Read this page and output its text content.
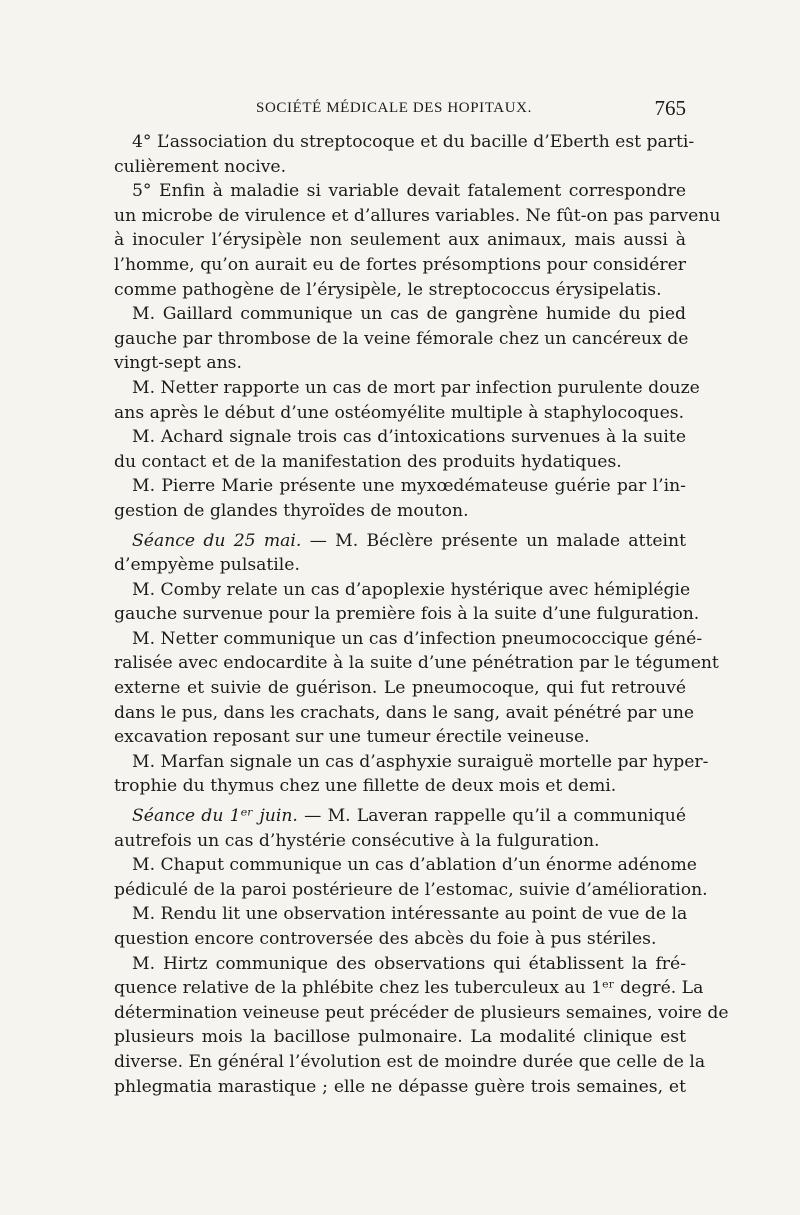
SOCIÉTÉ MÉDICALE DES HOPITAUX.	765
4° L’association du streptocoque et du bacille d’Eberth est parti-
culièrement nocive.
5° Enfin à maladie si variable devait fatalement correspondre
un microbe de virulence et d’allures variables. Ne fût-on pas parvenu
à inoculer l’érysipèle non seulement aux animaux, mais aussi à
l’homme, qu’on aurait eu de fortes présomptions pour considérer
comme pathogène de l’érysipèle, le streptococcus érysipelatis.
M. Gaillard communique un cas de gangrène humide du pied
gauche par thrombose de la veine fémorale chez un cancéreux de
vingt-sept ans.
M. Netter rapporte un cas de mort par infection purulente douze
ans après le début d’une ostéomyélite multiple à staphylocoques.
M. Achard signale trois cas d’intoxications survenues à la suite
du contact et de la manifestation des produits hydatiques.
M. Pierre Marie présente une myxœdémateuse guérie par l’in-
gestion de glandes thyroïdes de mouton.
Séance du 25 mai. — M. Béclère présente un malade atteint
d’empyème pulsatile.
M. Comby relate un cas d’apoplexie hystérique avec hémiplégie
gauche survenue pour la première fois à la suite d’une fulguration.
M. Netter communique un cas d’infection pneumococcique géné-
ralisée avec endocardite à la suite d’une pénétration par le tégument
externe et suivie de guérison. Le pneumocoque, qui fut retrouvé
dans le pus, dans les crachats, dans le sang, avait pénétré par une
excavation reposant sur une tumeur érectile veineuse.
M. Marfan signale un cas d’asphyxie suraiguë mortelle par hyper-
trophie du thymus chez une fillette de deux mois et demi.
Séance du 1ᵉʳ juin. — M. Laveran rappelle qu’il a communiqué
autrefois un cas d’hystérie consécutive à la fulguration.
M. Chaput communique un cas d’ablation d’un énorme adénome
pédiculé de la paroi postérieure de l’estomac, suivie d’amélioration.
M. Rendu lit une observation intéressante au point de vue de la
question encore controversée des abcès du foie à pus stériles.
M. Hirtz communique des observations qui établissent la fré-
quence relative de la phlébite chez les tuberculeux au 1ᵉʳ degré. La
détermination veineuse peut précéder de plusieurs semaines, voire de
plusieurs mois la bacillose pulmonaire. La modalité clinique est
diverse. En général l’évolution est de moindre durée que celle de la
phlegmatia marastique ; elle ne dépasse guère trois semaines, et
